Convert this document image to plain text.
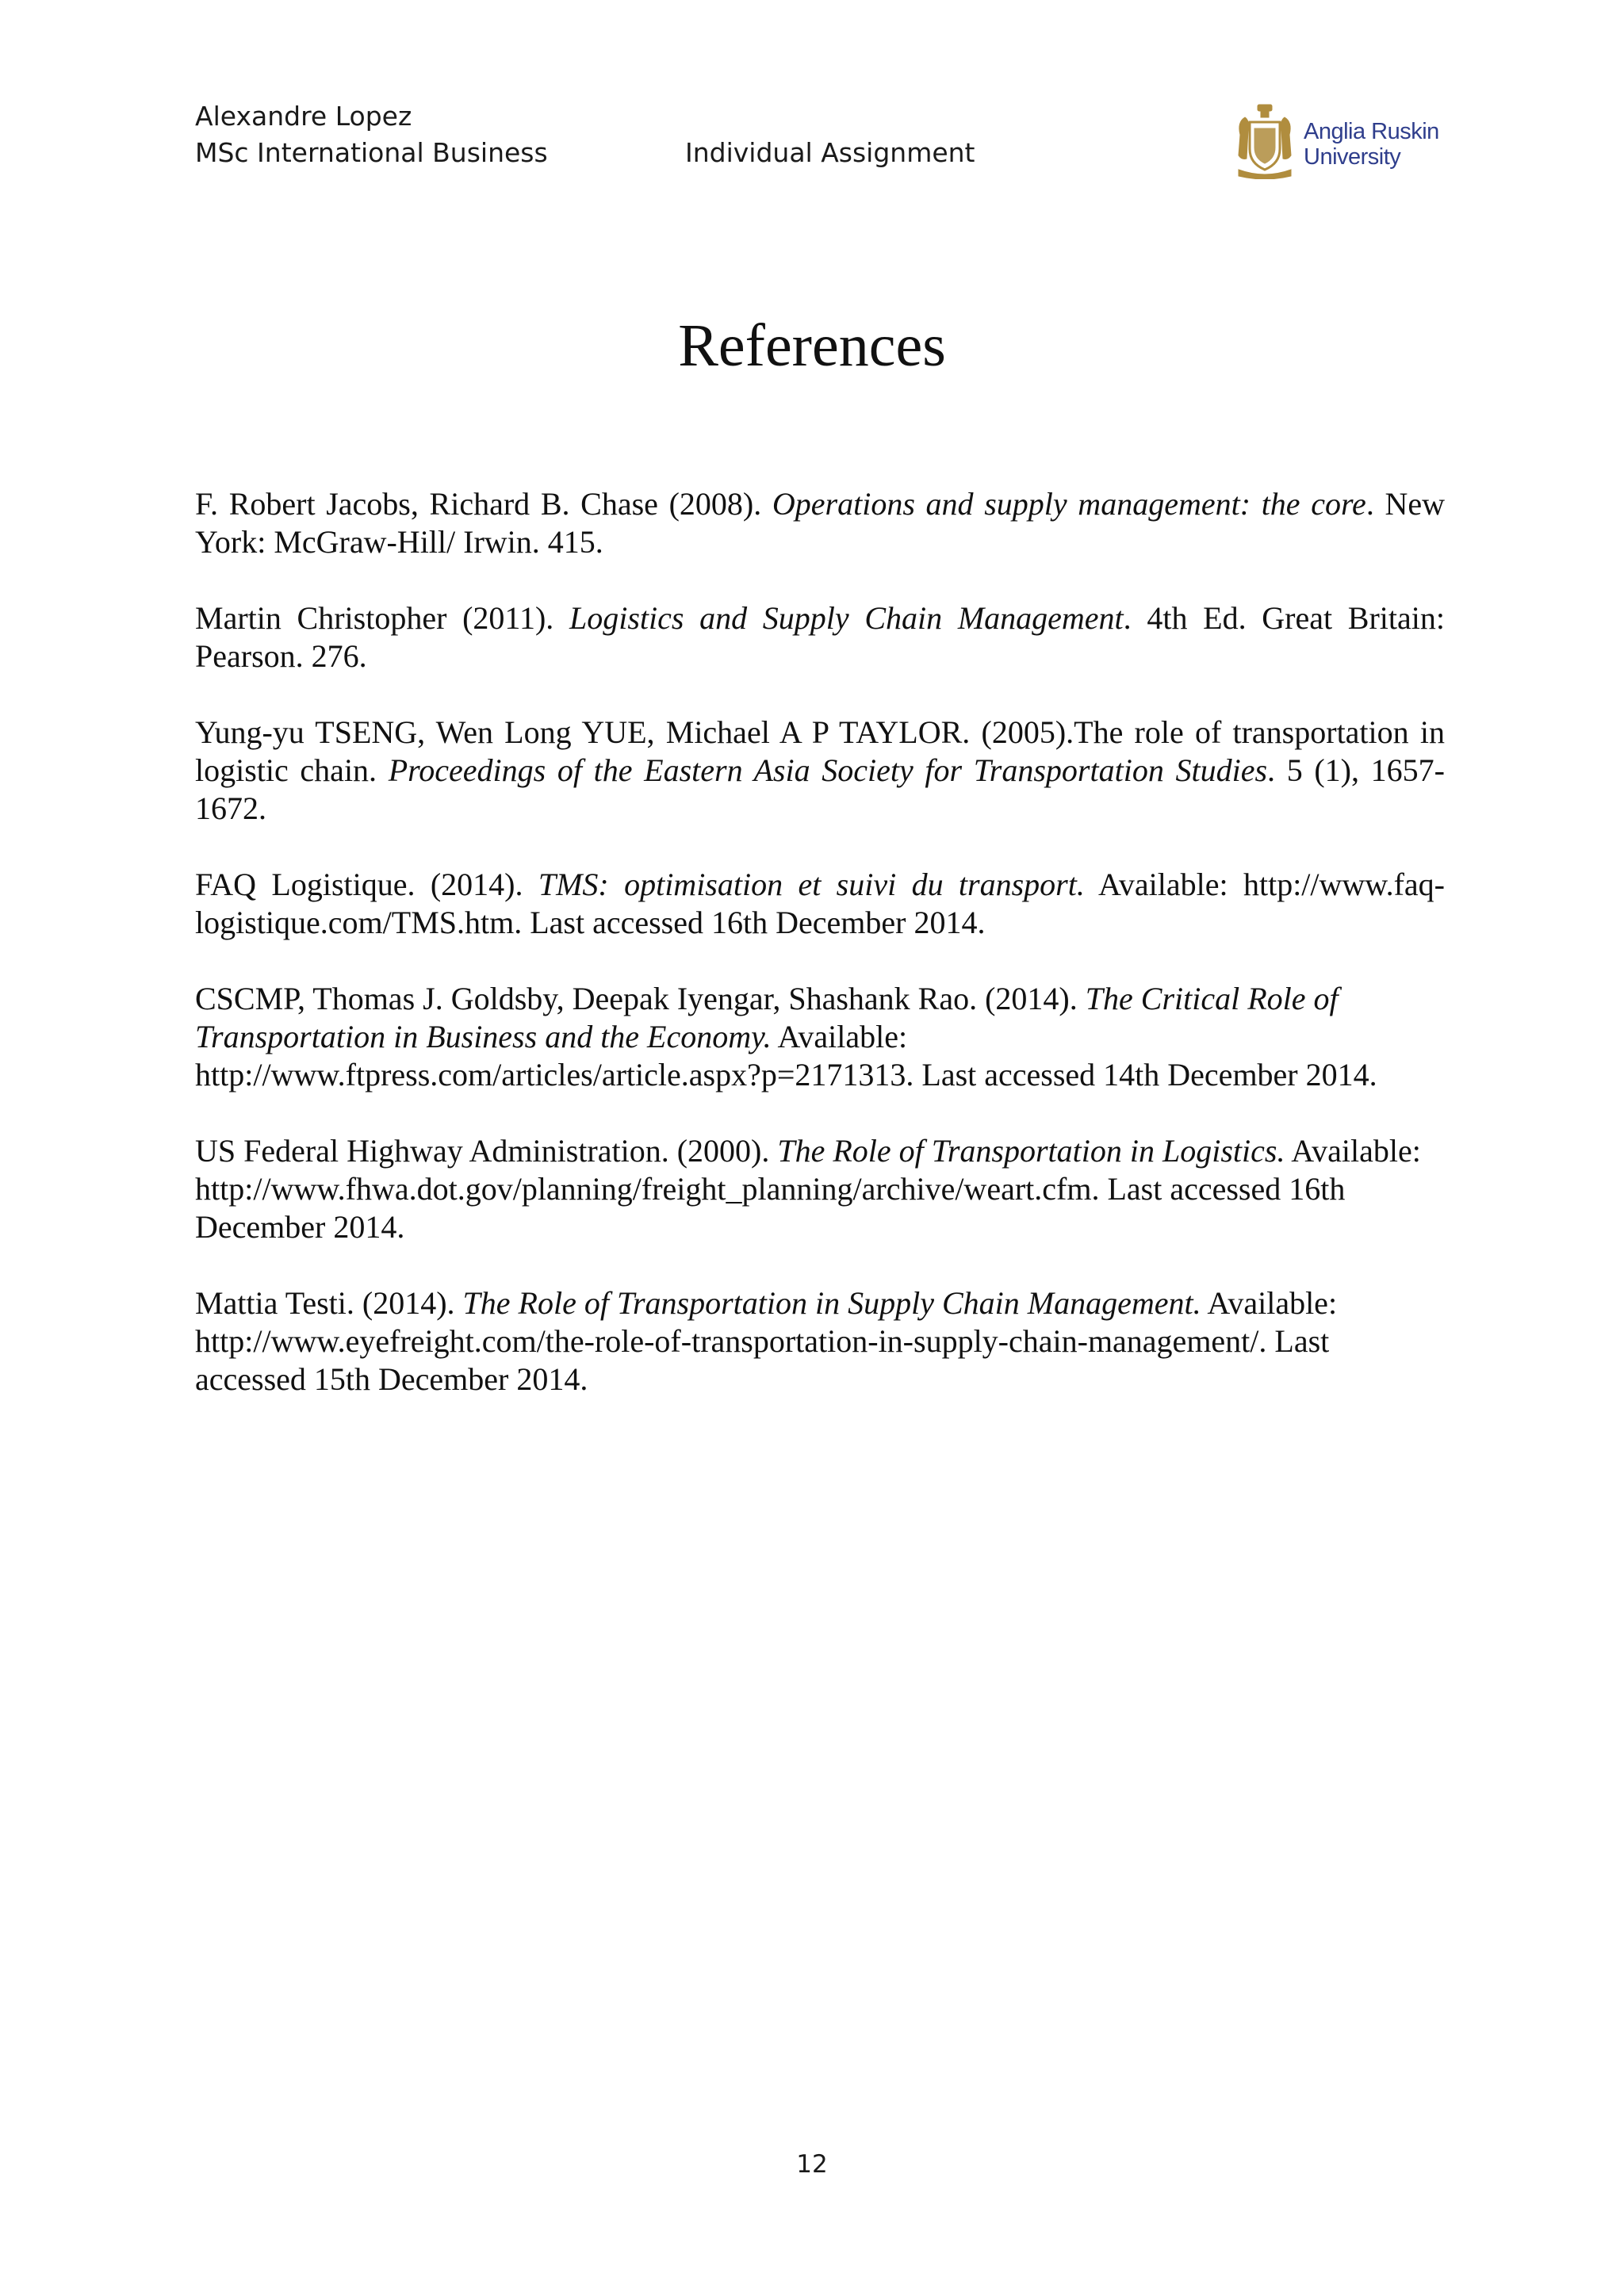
Alexandre Lopez
MSc International Business	Individual Assignment
Anglia Ruskin
University
References

F. Robert Jacobs, Richard B. Chase (2008). Operations and supply management: the core. New York: McGraw-Hill/ Irwin. 415.

Martin Christopher (2011). Logistics and Supply Chain Management. 4th Ed. Great Britain: Pearson. 276.

Yung-yu TSENG, Wen Long YUE, Michael A P TAYLOR. (2005).The role of transportation in logistic chain. Proceedings of the Eastern Asia Society for Transportation Studies. 5 (1), 1657-1672.

FAQ Logistique. (2014). TMS: optimisation et suivi du transport. Available: http://www.faq-logistique.com/TMS.htm. Last accessed 16th December 2014.

CSCMP, Thomas J. Goldsby, Deepak Iyengar, Shashank Rao. (2014). The Critical Role of Transportation in Business and the Economy. Available: http://www.ftpress.com/articles/article.aspx?p=2171313. Last accessed 14th December 2014.

US Federal Highway Administration. (2000). The Role of Transportation in Logistics. Available: http://www.fhwa.dot.gov/planning/freight_planning/archive/weart.cfm. Last accessed 16th December 2014.

Mattia Testi. (2014). The Role of Transportation in Supply Chain Management. Available: http://www.eyefreight.com/the-role-of-transportation-in-supply-chain-management/. Last accessed 15th December 2014.

12
